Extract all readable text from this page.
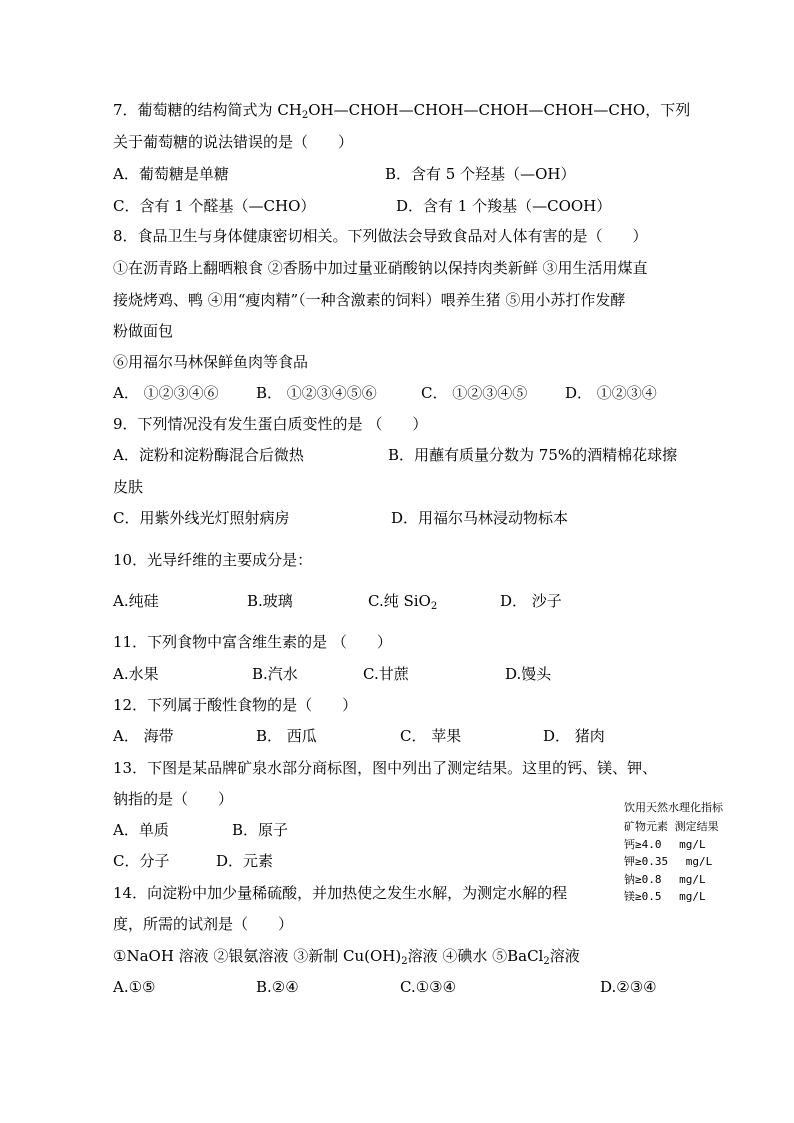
7．葡萄糖的结构简式为 $CH_2OH—CHOH—CHOH—CHOH—CHOH—CHO$，下列
关于葡萄糖的说法错误的是（　　）
A．葡萄糖是单糖	B．含有 5 个羟基（—OH）
C．含有 1 个醛基（—CHO）	D．含有 1 个羧基（—COOH）
8．食品卫生与身体健康密切相关。下列做法会导致食品对人体有害的是（　　）
①在沥青路上翻晒粮食 ②香肠中加过量亚硝酸钠以保持肉类新鲜 ③用生活用煤直
接烧烤鸡、鸭 ④用“瘦肉精”（一种含激素的饲料）喂养生猪 ⑤用小苏打作发酵
粉做面包
⑥用福尔马林保鲜鱼肉等食品
A． ①②③④⑥ B． ①②③④⑤⑥	C． ①②③④⑤	D． ①②③④
9．下列情况没有发生蛋白质变性的是 （　　）
A．淀粉和淀粉酶混合后微热	B．用蘸有质量分数为 75%的酒精棉花球擦
皮肤
C．用紫外线光灯照射病房	D．用福尔马林浸动物标本
10．光导纤维的主要成分是：
A.纯硅	B.玻璃	C.纯 SiO$_2$	D． 沙子
11．下列食物中富含维生素的是 （　　）
A.水果	B.汽水	C.甘蔗	D.馒头
12．下列属于酸性食物的是（　　）
A． 海带	B． 西瓜	C． 苹果	D． 猪肉
13．下图是某品牌矿泉水部分商标图，图中列出了测定结果。这里的钙、镁、钾、
钠指的是（　　）
A．单质	B．原子
C．分子	D．元素
饮用天然水理化指标
矿物元素 测定结果
钙≥4.0　 mg/L
钾≥0.35 　mg/L
钠≥0.8 　mg/L
镁≥0.5 　mg/L
14．向淀粉中加少量稀硫酸，并加热使之发生水解，为测定水解的程
度，所需的试剂是（　　）
①NaOH 溶液 ②银氨溶液 ③新制 $Cu(OH)_2$溶液 ④碘水 ⑤BaCl$_2$溶液
A.①⑤	B.②④	C.①③④	D.②③④
